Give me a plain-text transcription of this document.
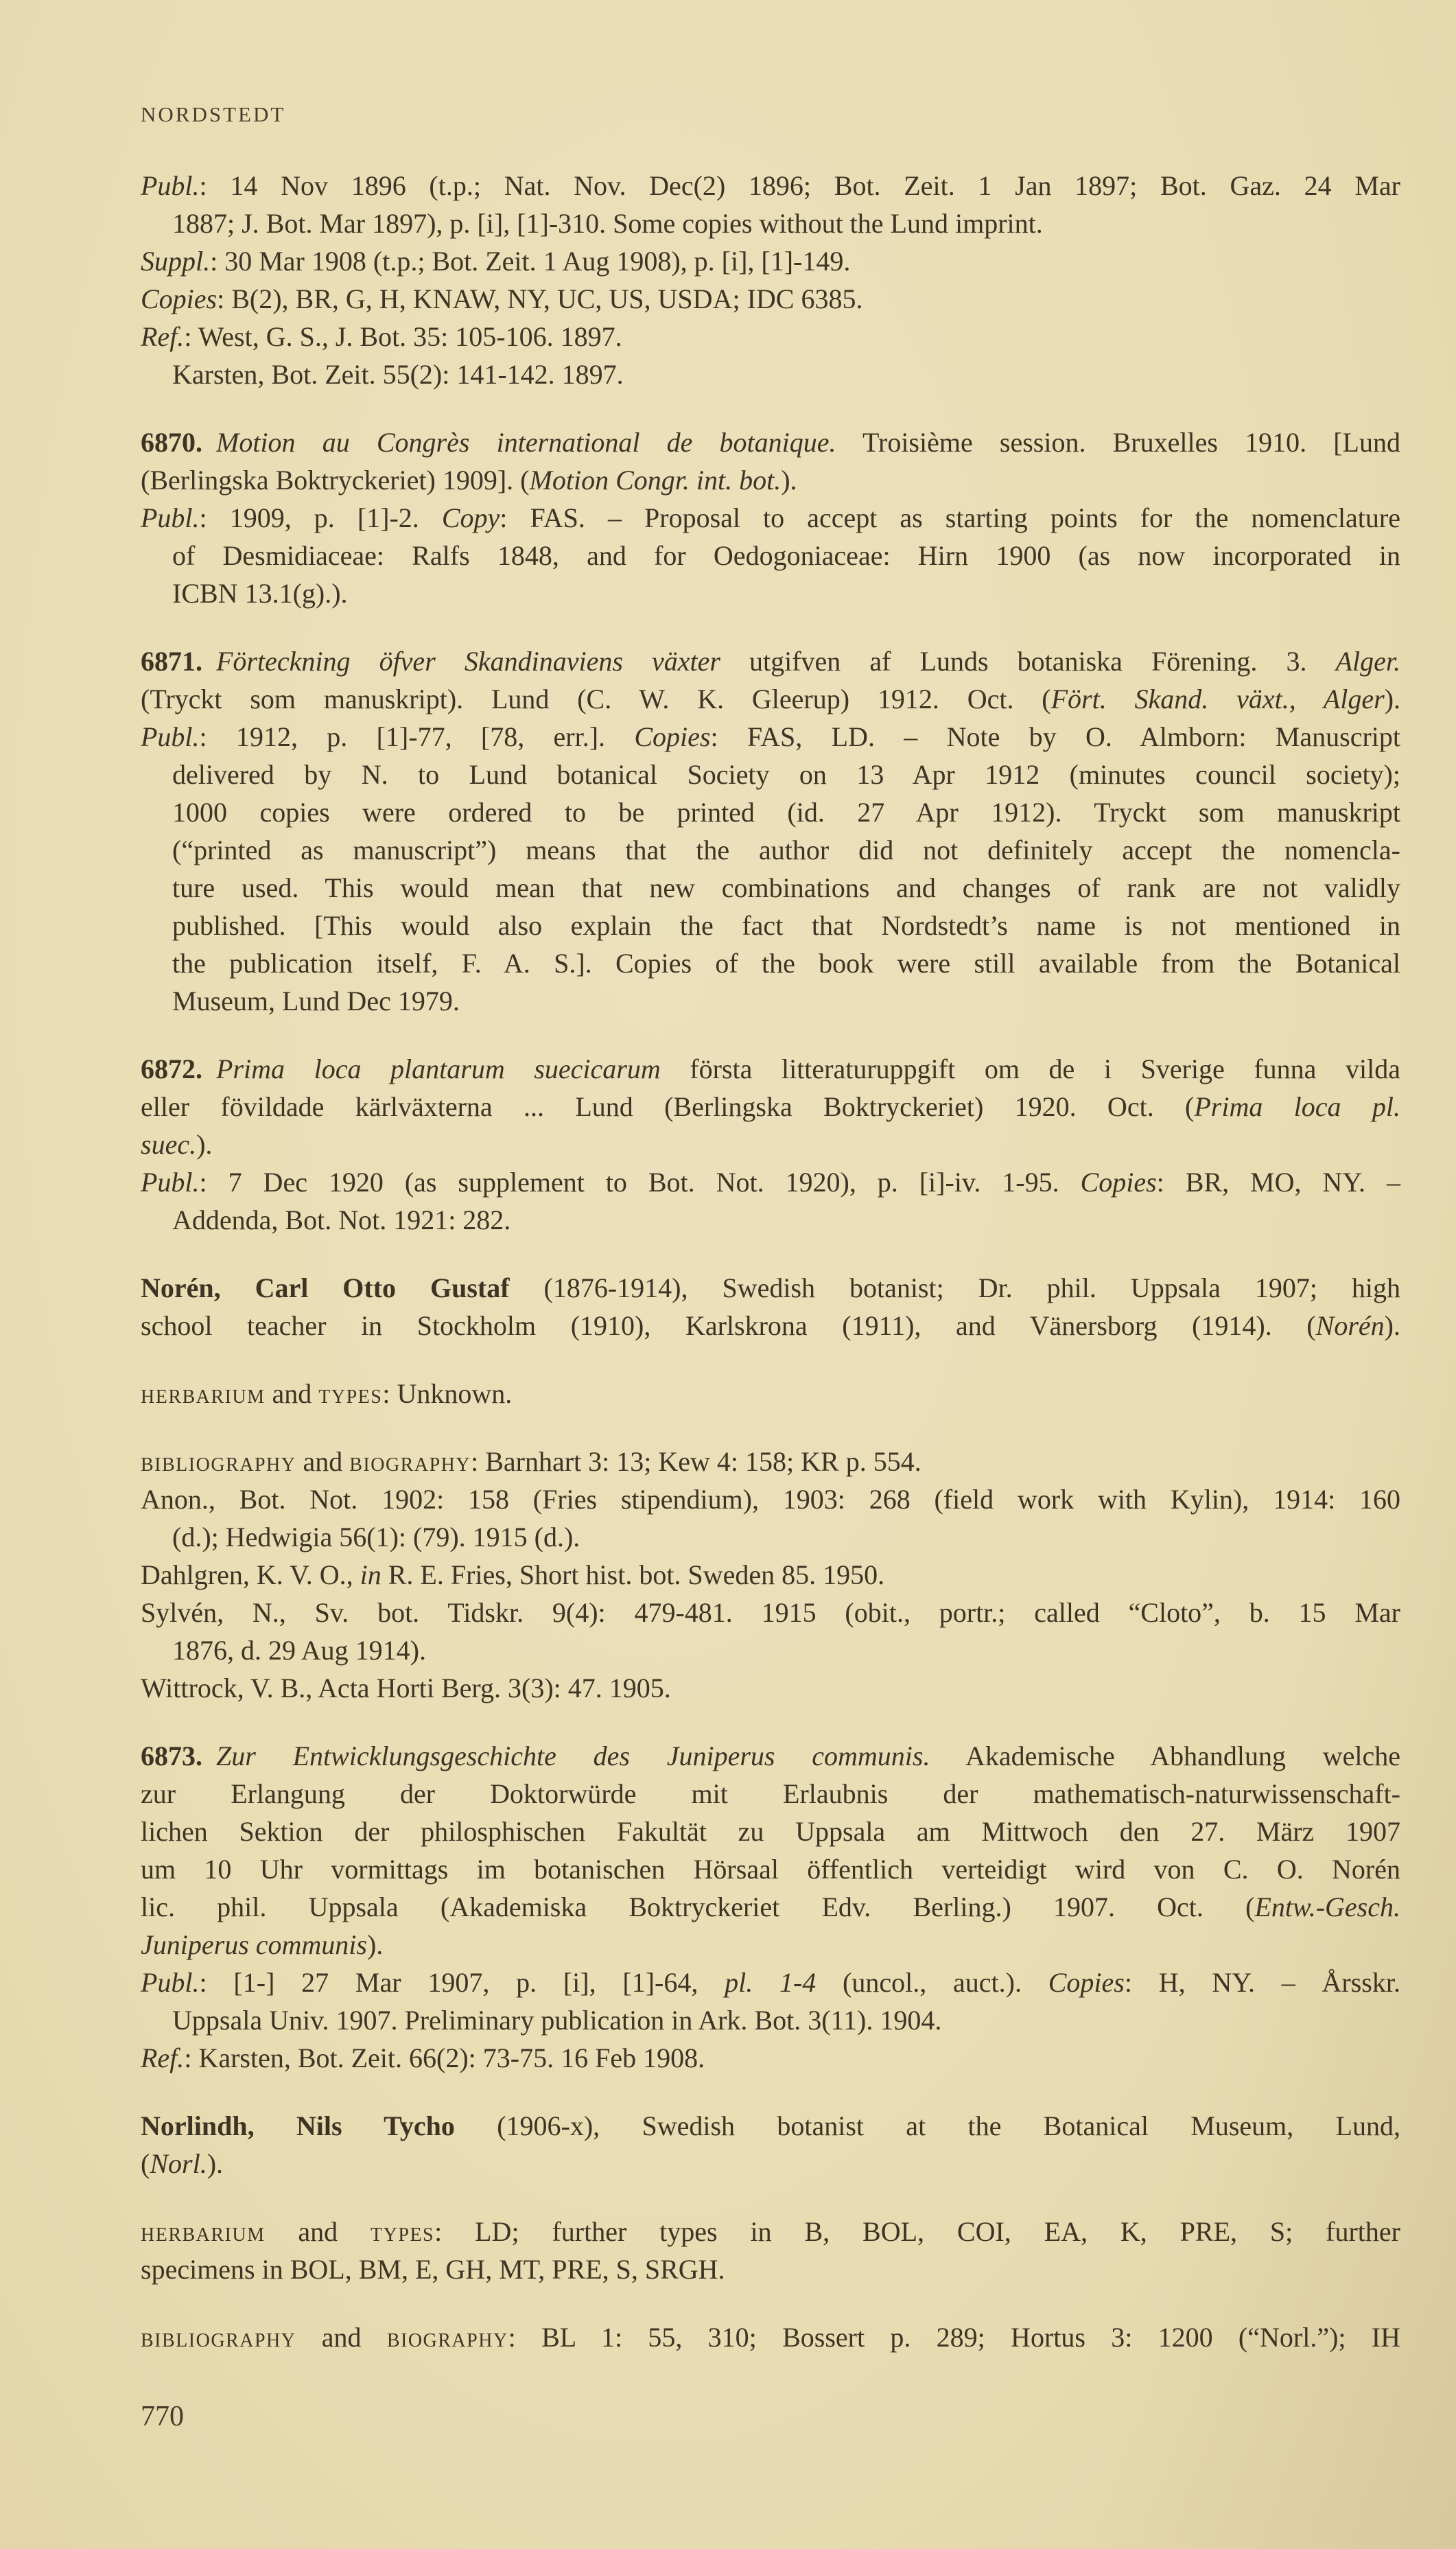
NORDSTEDT
Publ.: 14 Nov 1896 (t.p.; Nat. Nov. Dec(2) 1896; Bot. Zeit. 1 Jan 1897; Bot. Gaz. 24 Mar
1887; J. Bot. Mar 1897), p. [i], [1]-310. Some copies without the Lund imprint.
Suppl.: 30 Mar 1908 (t.p.; Bot. Zeit. 1 Aug 1908), p. [i], [1]-149.
Copies: B(2), BR, G, H, KNAW, NY, UC, US, USDA; IDC 6385.
Ref.: West, G. S., J. Bot. 35: 105-106. 1897.
Karsten, Bot. Zeit. 55(2): 141-142. 1897.
6870. Motion au Congrès international de botanique. Troisième session. Bruxelles 1910. [Lund
(Berlingska Boktryckeriet) 1909]. (Motion Congr. int. bot.).
Publ.: 1909, p. [1]-2. Copy: FAS. – Proposal to accept as starting points for the nomenclature
of Desmidiaceae: Ralfs 1848, and for Oedogoniaceae: Hirn 1900 (as now incorporated in
ICBN 13.1(g).).
6871. Förteckning öfver Skandinaviens växter utgifven af Lunds botaniska Förening. 3. Alger.
(Tryckt som manuskript). Lund (C. W. K. Gleerup) 1912. Oct. (Fört. Skand. växt., Alger).
Publ.: 1912, p. [1]-77, [78, err.]. Copies: FAS, LD. – Note by O. Almborn: Manuscript
delivered by N. to Lund botanical Society on 13 Apr 1912 (minutes council society);
1000 copies were ordered to be printed (id. 27 Apr 1912). Tryckt som manuskript
(“printed as manuscript”) means that the author did not definitely accept the nomencla-
ture used. This would mean that new combinations and changes of rank are not validly
published. [This would also explain the fact that Nordstedt’s name is not mentioned in
the publication itself, F. A. S.]. Copies of the book were still available from the Botanical
Museum, Lund Dec 1979.
6872. Prima loca plantarum suecicarum första litteraturuppgift om de i Sverige funna vilda
eller fövildade kärlväxterna ... Lund (Berlingska Boktryckeriet) 1920. Oct. (Prima loca pl.
suec.).
Publ.: 7 Dec 1920 (as supplement to Bot. Not. 1920), p. [i]-iv. 1-95. Copies: BR, MO, NY. –
Addenda, Bot. Not. 1921: 282.
Norén, Carl Otto Gustaf (1876-1914), Swedish botanist; Dr. phil. Uppsala 1907; high
school teacher in Stockholm (1910), Karlskrona (1911), and Vänersborg (1914). (Norén).
HERBARIUM and TYPES: Unknown.
BIBLIOGRAPHY and BIOGRAPHY: Barnhart 3: 13; Kew 4: 158; KR p. 554.
Anon., Bot. Not. 1902: 158 (Fries stipendium), 1903: 268 (field work with Kylin), 1914: 160
(d.); Hedwigia 56(1): (79). 1915 (d.).
Dahlgren, K. V. O., in R. E. Fries, Short hist. bot. Sweden 85. 1950.
Sylvén, N., Sv. bot. Tidskr. 9(4): 479-481. 1915 (obit., portr.; called “Cloto”, b. 15 Mar
1876, d. 29 Aug 1914).
Wittrock, V. B., Acta Horti Berg. 3(3): 47. 1905.
6873. Zur Entwicklungsgeschichte des Juniperus communis. Akademische Abhandlung welche
zur Erlangung der Doktorwürde mit Erlaubnis der mathematisch-naturwissenschaft-
lichen Sektion der philosphischen Fakultät zu Uppsala am Mittwoch den 27. März 1907
um 10 Uhr vormittags im botanischen Hörsaal öffentlich verteidigt wird von C. O. Norén
lic. phil. Uppsala (Akademiska Boktryckeriet Edv. Berling.) 1907. Oct. (Entw.-Gesch.
Juniperus communis).
Publ.: [1-] 27 Mar 1907, p. [i], [1]-64, pl. 1-4 (uncol., auct.). Copies: H, NY. – Årsskr.
Uppsala Univ. 1907. Preliminary publication in Ark. Bot. 3(11). 1904.
Ref.: Karsten, Bot. Zeit. 66(2): 73-75. 16 Feb 1908.
Norlindh, Nils Tycho (1906-x), Swedish botanist at the Botanical Museum, Lund,
(Norl.).
HERBARIUM and TYPES: LD; further types in B, BOL, COI, EA, K, PRE, S; further
specimens in BOL, BM, E, GH, MT, PRE, S, SRGH.
BIBLIOGRAPHY and BIOGRAPHY: BL 1: 55, 310; Bossert p. 289; Hortus 3: 1200 (“Norl.”); IH
770
